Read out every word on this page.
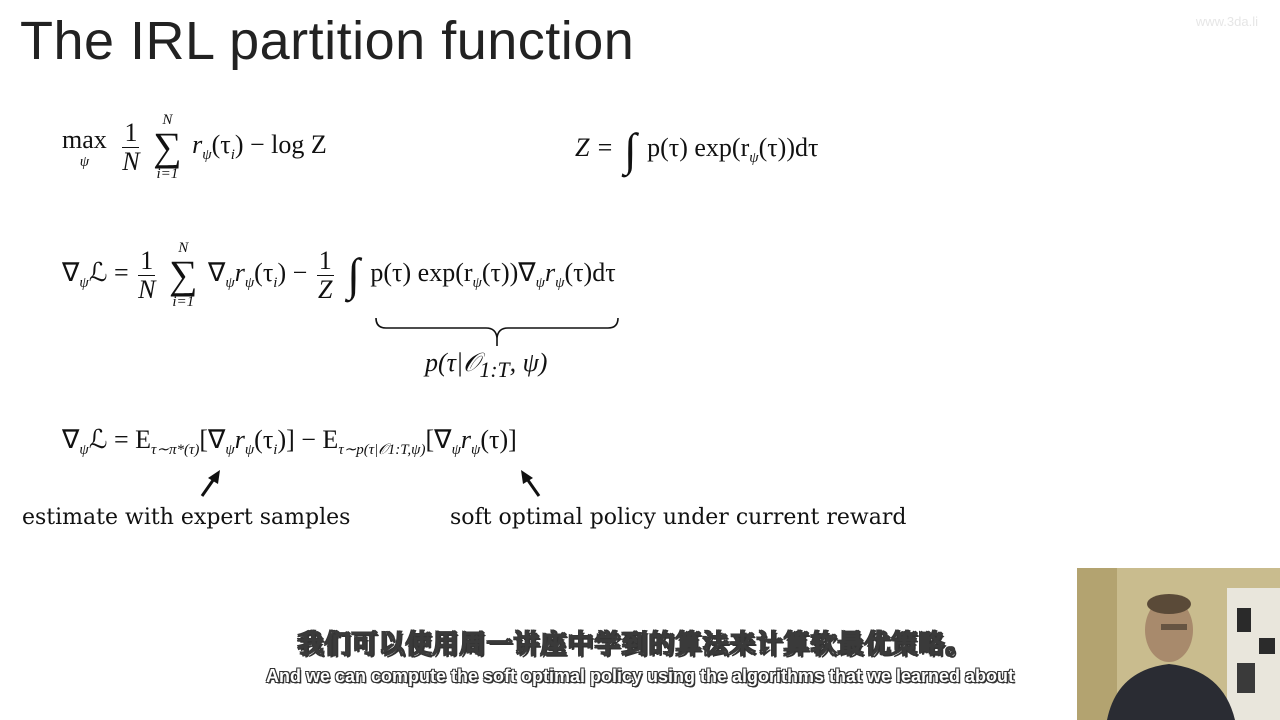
The IRL partition function	www.3da.li
max
ψ
$\frac{1}{N}$
N
∑
i=1
$r_\psi(\tau_i) - \log Z$	Z = ∫ p(τ) $\exp(r_\psi(\tau))d\tau$
$\nabla_\psi ℒ = \frac{1}{N}$
N
∑
i=1
$\nabla_\psi r_\psi(\tau_i) - \frac{1}{Z}$ ∫ p(τ) $\exp(r_\psi(\tau))\nabla_\psi r_\psi(\tau)d\tau$
p(τ|𝒪$_{1:T}$, ψ)
$\nabla_\psi ℒ = E_{\tau\sim\pi*(\tau)}[\nabla_\psi r_\psi(\tau_i)] - E_{\tau\sim p(\tau|𝒪1:T,\psi)}[\nabla_\psi r_\psi(\tau)]$
estimate with expert samples	soft optimal policy under current reward
我们可以使用周一讲座中学到的算法来计算软最优策略。
And we can compute the soft optimal policy using the algorithms that we learned about
